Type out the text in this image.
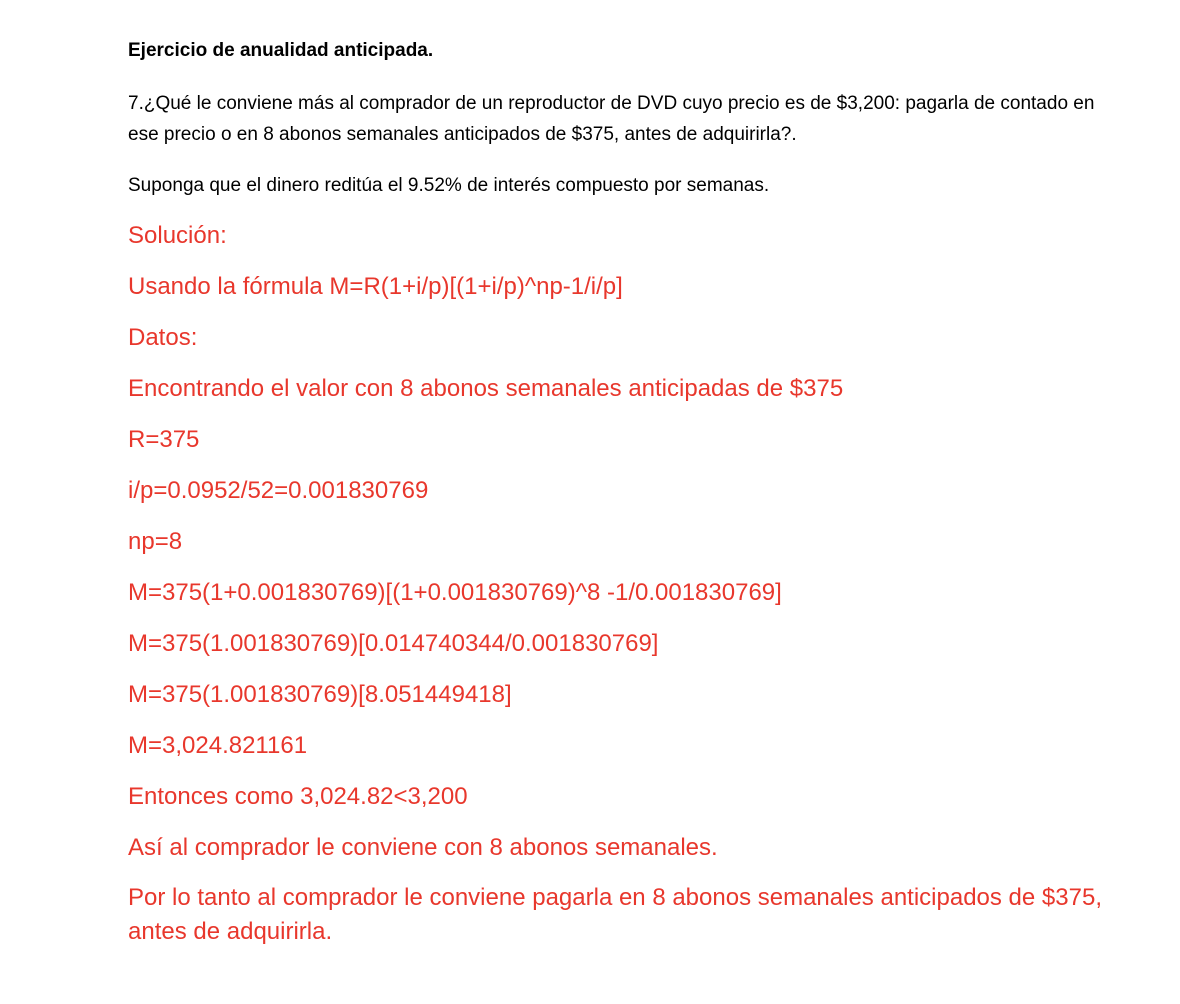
Ejercicio de anualidad anticipada.
7.¿Qué le conviene más al comprador de un reproductor de DVD cuyo precio es de $3,200: pagarla de contado en ese precio o en 8 abonos semanales anticipados de $375, antes de adquirirla?.
Suponga que el dinero reditúa el 9.52% de interés compuesto por semanas.
Solución:
Usando la fórmula M=R(1+i/p)[(1+i/p)^np-1/i/p]
Datos:
Encontrando el valor con 8 abonos semanales anticipadas de $375
R=375
i/p=0.0952/52=0.001830769
np=8
M=375(1+0.001830769)[(1+0.001830769)^8 -1/0.001830769]
M=375(1.001830769)[0.014740344/0.001830769]
M=375(1.001830769)[8.051449418]
M=3,024.821161
Entonces como 3,024.82<3,200
Así al comprador le conviene con 8 abonos semanales.
Por lo tanto al comprador le conviene pagarla en 8 abonos semanales anticipados de $375, antes de adquirirla.
